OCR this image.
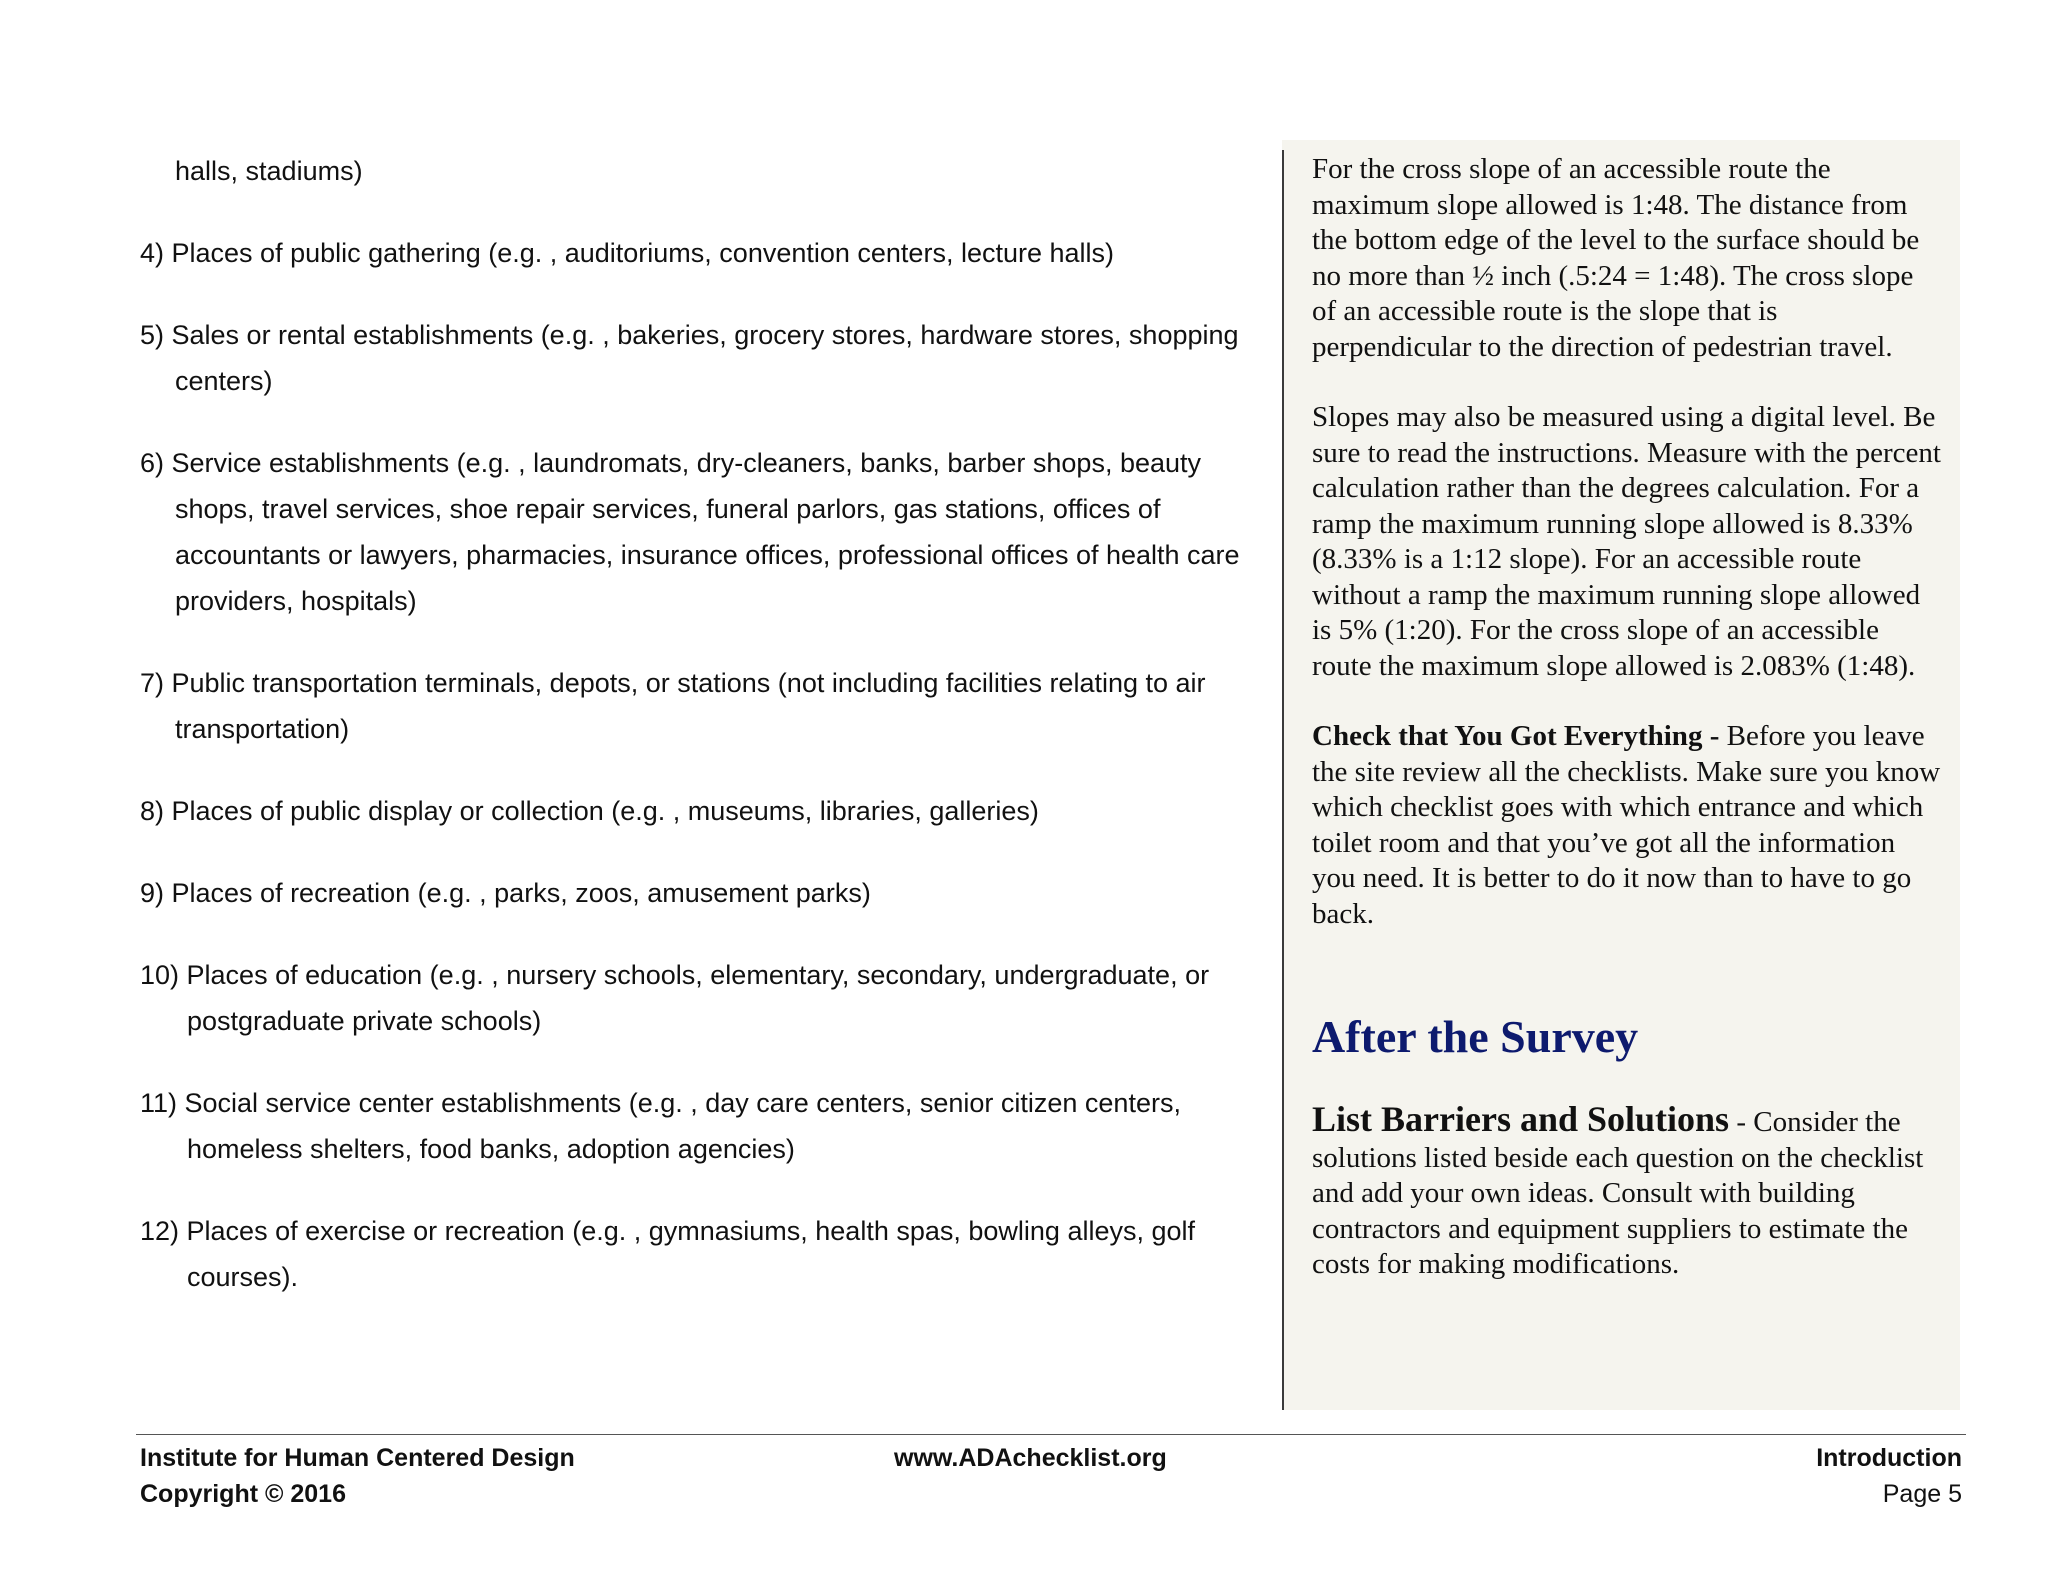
halls, stadiums)
4) Places of public gathering (e.g. , auditoriums, convention centers, lecture halls)
5) Sales or rental establishments (e.g. , bakeries, grocery stores, hardware stores, shopping centers)
6) Service establishments (e.g. , laundromats, dry-cleaners, banks, barber shops, beauty shops, travel services, shoe repair services, funeral parlors, gas stations, offices of accountants or lawyers, pharmacies, insurance offices, professional offices of health care providers, hospitals)
7) Public transportation terminals, depots, or stations (not including facilities relating to air transportation)
8) Places of public display or collection (e.g. , museums, libraries, galleries)
9) Places of recreation (e.g. , parks, zoos, amusement parks)
10) Places of education (e.g. , nursery schools, elementary, secondary, undergraduate, or postgraduate private schools)
11) Social service center establishments (e.g. , day care centers, senior citizen centers, homeless shelters, food banks, adoption agencies)
12) Places of exercise or recreation (e.g. , gymnasiums, health spas, bowling alleys, golf courses).

For the cross slope of an accessible route the maximum slope allowed is 1:48. The distance from the bottom edge of the level to the surface should be no more than ½ inch (.5:24 = 1:48). The cross slope of an accessible route is the slope that is perpendicular to the direction of pedestrian travel.

Slopes may also be measured using a digital level. Be sure to read the instructions. Measure with the percent calculation rather than the degrees calculation. For a ramp the maximum running slope allowed is 8.33% (8.33% is a 1:12 slope). For an accessible route without a ramp the maximum running slope allowed is 5% (1:20). For the cross slope of an accessible route the maximum slope allowed is 2.083% (1:48).

Check that You Got Everything - Before you leave the site review all the checklists. Make sure you know which checklist goes with which entrance and which toilet room and that you’ve got all the information you need. It is better to do it now than to have to go back.

After the Survey

List Barriers and Solutions - Consider the solutions listed beside each question on the checklist and add your own ideas. Consult with building contractors and equipment suppliers to estimate the costs for making modifications.

Institute for Human Centered Design
Copyright © 2016
www.ADAchecklist.org	Introduction
Page 5
